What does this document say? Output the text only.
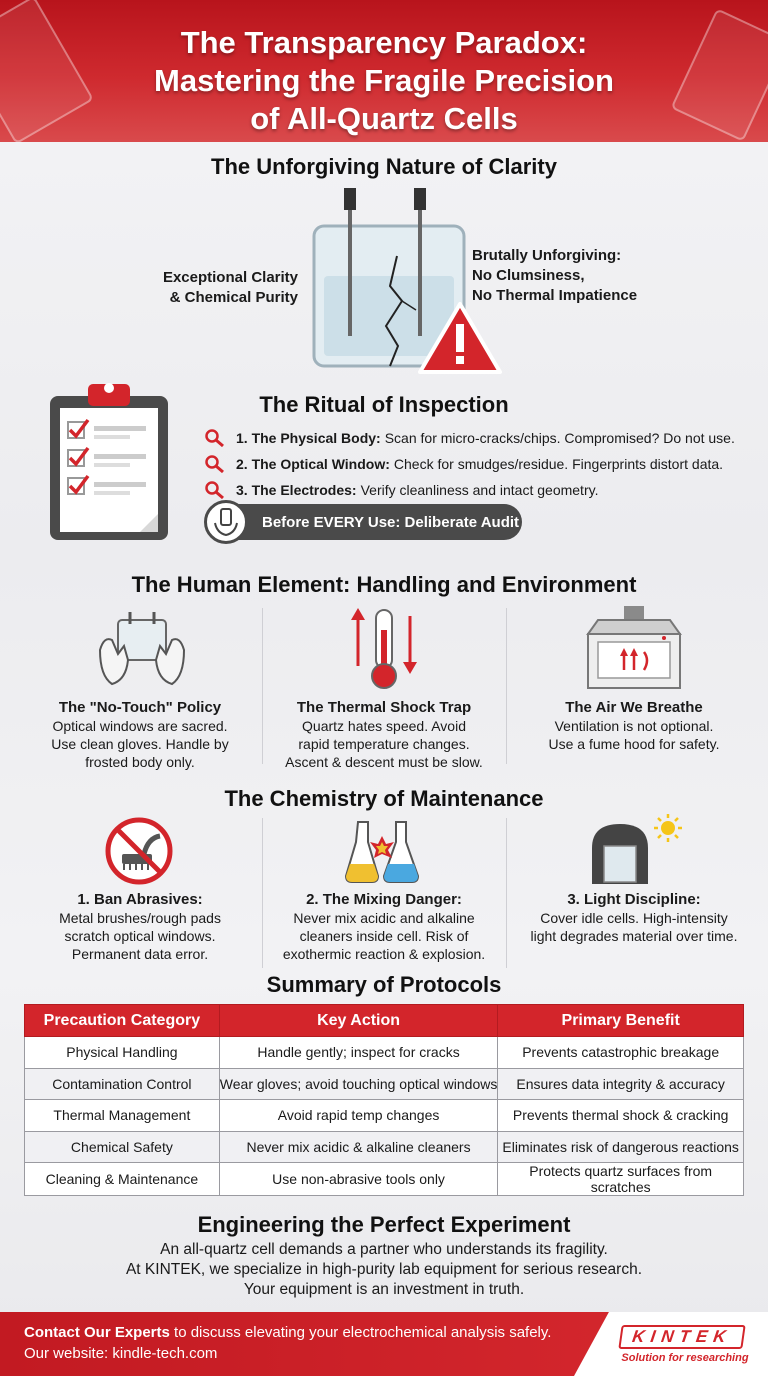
The Transparency Paradox:
Mastering the Fragile Precision
of All-Quartz Cells
The Unforgiving Nature of Clarity
Exceptional Clarity
& Chemical Purity
Brutally Unforgiving:
No Clumsiness,
No Thermal Impatience
The Ritual of Inspection
1. The Physical Body: Scan for micro-cracks/chips. Compromised? Do not use.
2. The Optical Window: Check for smudges/residue. Fingerprints distort data.
3. The Electrodes: Verify cleanliness and intact geometry.
Before EVERY Use: Deliberate Audit
The Human Element: Handling and Environment
The "No-Touch" Policy
Optical windows are sacred.
Use clean gloves. Handle by
frosted body only.
The Thermal Shock Trap
Quartz hates speed. Avoid
rapid temperature changes.
Ascent & descent must be slow.
The Air We Breathe
Ventilation is not optional.
Use a fume hood for safety.
The Chemistry of Maintenance
1. Ban Abrasives:
Metal brushes/rough pads
scratch optical windows.
Permanent data error.
2. The Mixing Danger:
Never mix acidic and alkaline
cleaners inside cell. Risk of
exothermic reaction & explosion.
3. Light Discipline:
Cover idle cells. High-intensity
light degrades material over time.
Summary of Protocols
Precaution Category	Key Action	Primary Benefit
Physical Handling	Handle gently; inspect for cracks	Prevents catastrophic breakage
Contamination Control	Wear gloves; avoid touching optical windows	Ensures data integrity & accuracy
Thermal Management	Avoid rapid temp changes	Prevents thermal shock & cracking
Chemical Safety	Never mix acidic & alkaline cleaners	Eliminates risk of dangerous reactions
Cleaning & Maintenance	Use non-abrasive tools only	Protects quartz surfaces from scratches
Engineering the Perfect Experiment
An all-quartz cell demands a partner who understands its fragility.
At KINTEK, we specialize in high-purity lab equipment for serious research.
Your equipment is an investment in truth.
Contact Our Experts to discuss elevating your electrochemical analysis safely.
Our website: kindle-tech.com
KINTEK
Solution for researching
